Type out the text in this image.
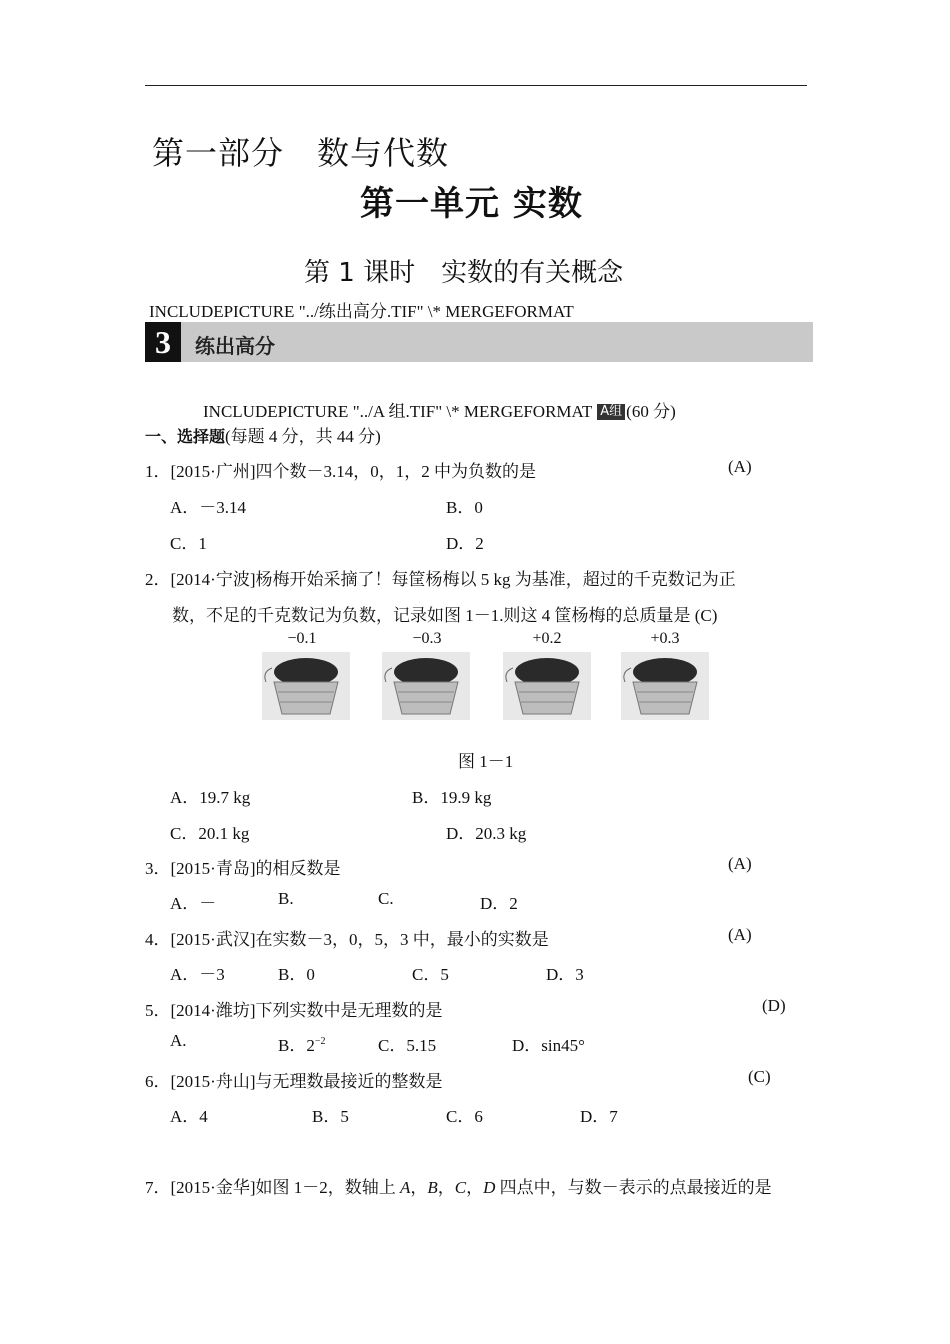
第一部分　数与代数
第一单元 实数
第 1 课时　实数的有关概念
INCLUDEPICTURE "../练出高分.TIF" \* MERGEFORMAT
3	练出高分
INCLUDEPICTURE "../A 组.TIF" \* MERGEFORMAT A组 (60 分)
一、选择题(每题 4 分，共 44 分)
1．[2015·广州]四个数－3.14，0，1，2 中为负数的是	(A)
A．－3.14	B．0
C．1	D．2
2．[2014·宁波]杨梅开始采摘了！每筐杨梅以 5 kg 为基准，超过的千克数记为正
数，不足的千克数记为负数，记录如图 1－1.则这 4 筐杨梅的总质量是 (C)
−0.1	−0.3	+0.2	+0.3
图 1－1
A．19.7 kg	B．19.9 kg
C．20.1 kg	D．20.3 kg
3．[2015·青岛]的相反数是	(A)
A．－	B.	C.	D．2
4．[2015·武汉]在实数－3，0，5，3 中，最小的实数是	(A)
A．－3	B．0	C．5	D．3
5．[2014·潍坊]下列实数中是无理数的是	(D)
A.	B．$2^{-2}$	C．5.15	D．sin45°
6．[2015·舟山]与无理数最接近的整数是	(C)
A．4	B．5	C．6	D．7
7．[2015·金华]如图 1－2，数轴上 A，B，C，D 四点中，与数－表示的点最接近的是
